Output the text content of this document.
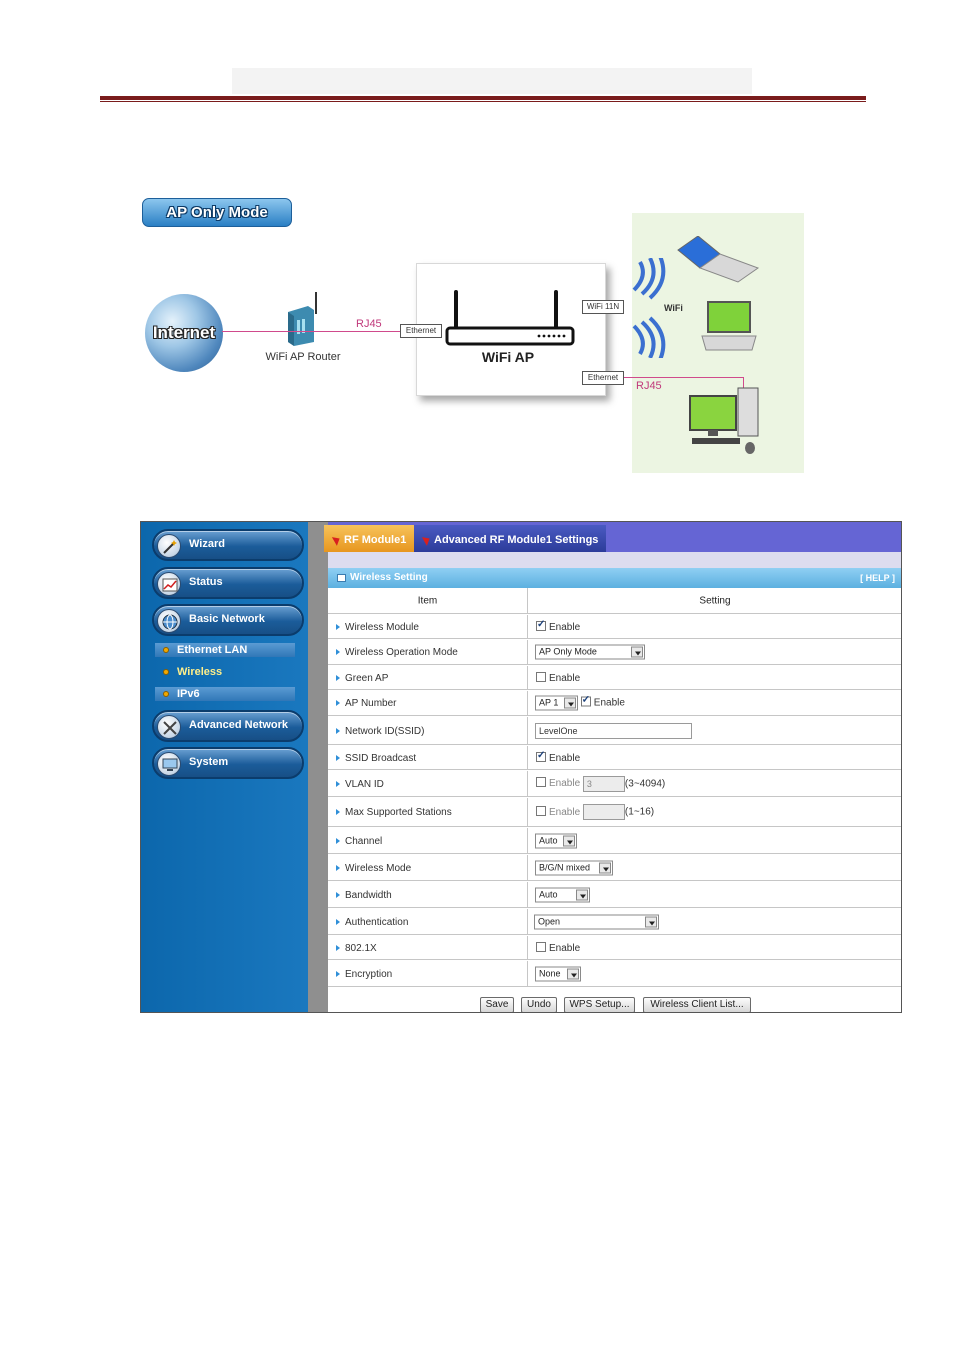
AP Only Mode
Internet
WiFi AP Router
RJ45
WiFi AP
Ethernet
WiFi 11N
Ethernet
RJ45
WiFi
Wizard
Status
Basic Network
Ethernet LAN
Wireless
IPv6
Advanced Network
System
RF Module1	Advanced RF Module1 Settings
Wireless Setting	[ HELP ]
Item	Setting
Wireless Module ✓	Enable
Wireless Operation Mode	AP Only Mode
Green AP	Enable
AP Number	AP 1 ✓	Enable
Network ID(SSID)	LevelOne
SSID Broadcast ✓	Enable
VLAN ID	Enable 3	(3~4094)
Max Supported Stations	Enable	(1~16)
Channel	Auto
Wireless Mode	B/G/N mixed
Bandwidth	Auto
Authentication	Open
802.1X	Enable
Encryption	None
Save	Undo	WPS Setup...	Wireless Client List...
